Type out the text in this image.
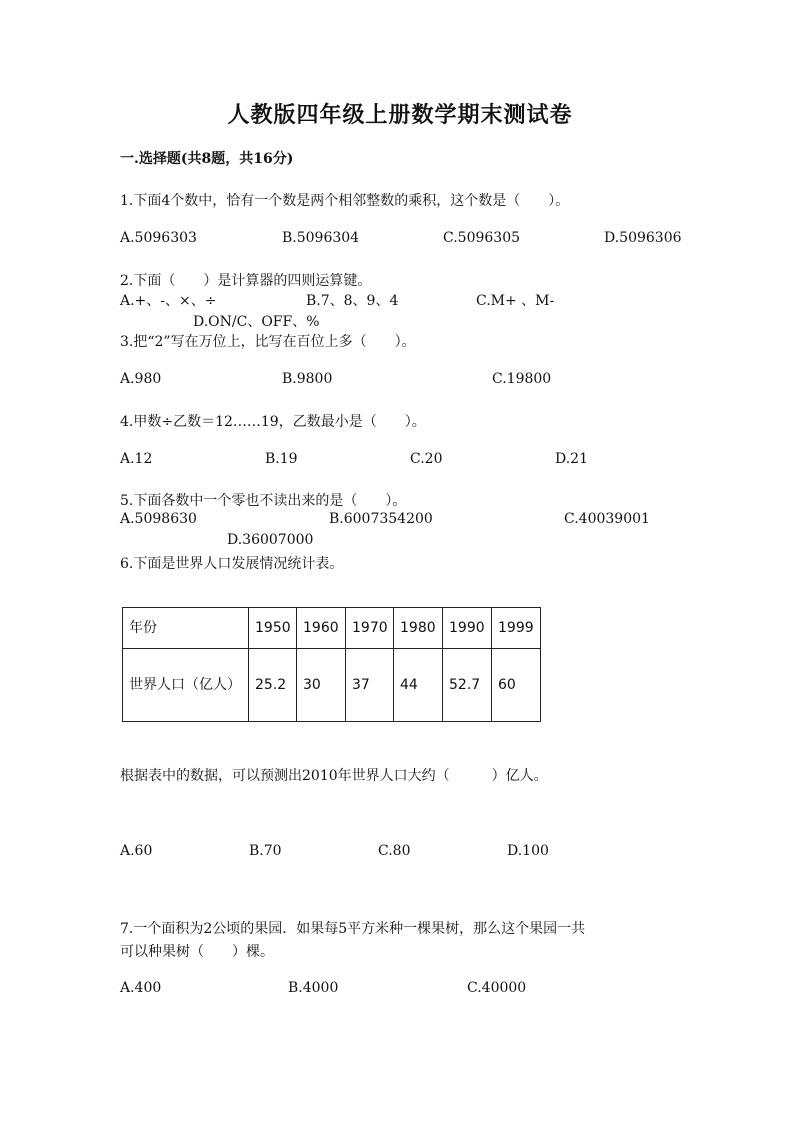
人教版四年级上册数学期末测试卷
一.选择题(共8题，共16分)
1.下面4个数中，恰有一个数是两个相邻整数的乘积，这个数是（　　）。
A.5096303	B.5096304	C.5096305	D.5096306
2.下面（　　）是计算器的四则运算键。
A.+、-、×、÷	B.7、8、9、4	C.M+ 、M-
D.ON/C、OFF、%
3.把“2”写在万位上，比写在百位上多（　　）。
A.980	B.9800	C.19800
4.甲数÷乙数＝12……19，乙数最小是（　　）。
A.12	B.19	C.20	D.21
5.下面各数中一个零也不读出来的是（　　）。
A.5098630	B.6007354200	C.40039001
D.36007000
6.下面是世界人口发展情况统计表。
年份	1950	1960	1970	1980	1990	1999
世界人口（亿人）	25.2	30	37	44	52.7	60
根据表中的数据，可以预测出2010年世界人口大约（　　　）亿人。
A.60	B.70	C.80	D.100
7.一个面积为2公顷的果园．如果每5平方米种一棵果树，那么这个果园一共
可以种果树（　　）棵。
A.400	B.4000	C.40000
